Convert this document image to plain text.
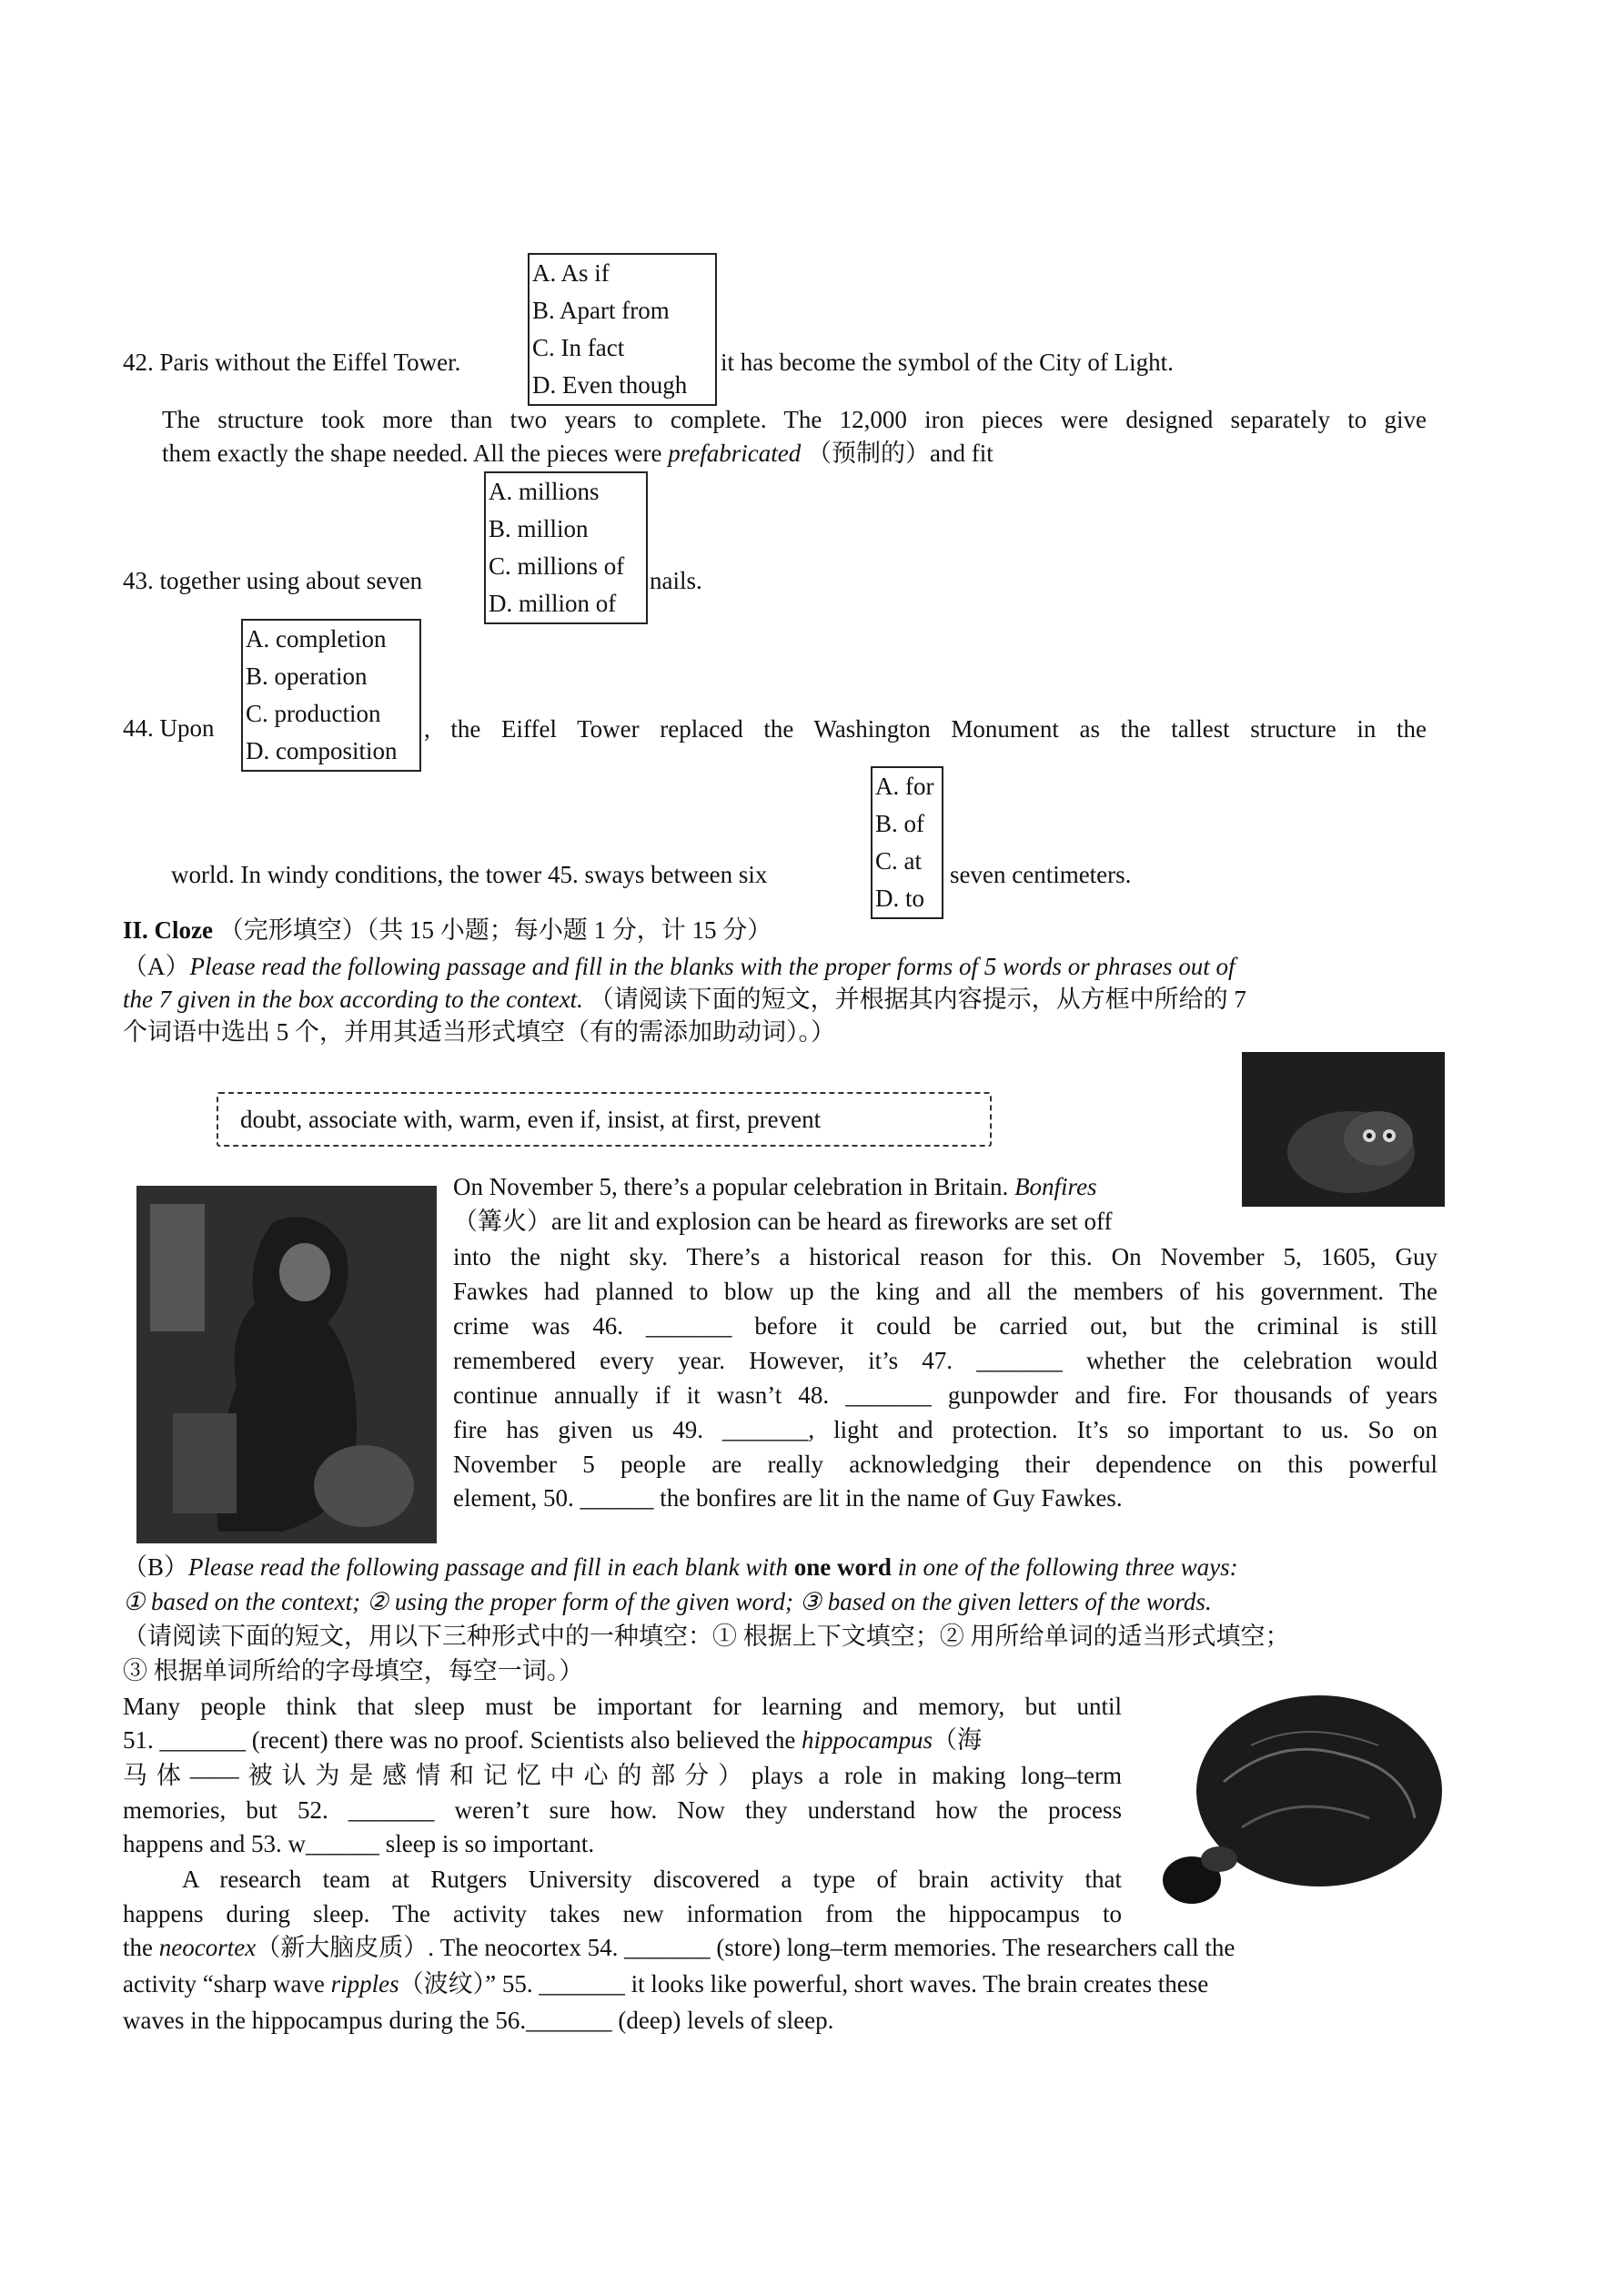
42. Paris without the Eiffel Tower.
A. As if
B. Apart from
C. In fact
D. Even though
it has become the symbol of the City of Light.
The structure took more than two years to complete. The 12,000 iron pieces were designed separately to give
them exactly the shape needed. All the pieces were prefabricated （预制的）and fit
43. together using about seven
A. millions
B. million
C. millions of
D. million of
nails.
44. Upon
A. completion
B. operation
C. production
D. composition
, the Eiffel Tower replaced the Washington Monument as the tallest structure in the
world. In windy conditions, the tower 45. sways between six
A. for
B. of
C. at
D. to
seven centimeters.
II. Cloze （完形填空）（共 15 小题；每小题 1 分，计 15 分）
（A）Please read the following passage and fill in the blanks with the proper forms of 5 words or phrases out of
the 7 given in the box according to the context. （请阅读下面的短文，并根据其内容提示，从方框中所给的 7
个词语中选出 5 个，并用其适当形式填空（有的需添加助动词）。）
doubt, associate with, warm, even if, insist, at first, prevent
On November 5, there’s a popular celebration in Britain. Bonfires
（篝火）are lit and explosion can be heard as fireworks are set off
into the night sky. There’s a historical reason for this. On November 5, 1605, Guy
Fawkes had planned to blow up the king and all the members of his government. The
crime was 46. _______ before it could be carried out, but the criminal is still
remembered every year. However, it’s 47. _______ whether the celebration would
continue annually if it wasn’t 48. _______ gunpowder and fire. For thousands of years
fire has given us 49. _______, light and protection. It’s so important to us. So on
November 5 people are really acknowledging their dependence on this powerful
element, 50. ______ the bonfires are lit in the name of Guy Fawkes.
（B）Please read the following passage and fill in each blank with one word in one of the following three ways:
① based on the context; ② using the proper form of the given word; ③ based on the given letters of the words.
（请阅读下面的短文，用以下三种形式中的一种填空：① 根据上下文填空；② 用所给单词的适当形式填空；
③ 根据单词所给的字母填空，每空一词。）
Many people think that sleep must be important for learning and memory, but until
51. _______ (recent) there was no proof. Scientists also believed the hippocampus（海
马体——被认为是感情和记忆中心的部分）plays a role in making long–term
memories, but 52. _______ weren’t sure how. Now they understand how the process
happens and 53. w______ sleep is so important.
A research team at Rutgers University discovered a type of brain activity that
happens during sleep. The activity takes new information from the hippocampus to
the neocortex（新大脑皮质）. The neocortex 54. _______ (store) long–term memories. The researchers call the
activity “sharp wave ripples（波纹）” 55. _______ it looks like powerful, short waves. The brain creates these
waves in the hippocampus during the 56._______ (deep) levels of sleep.
